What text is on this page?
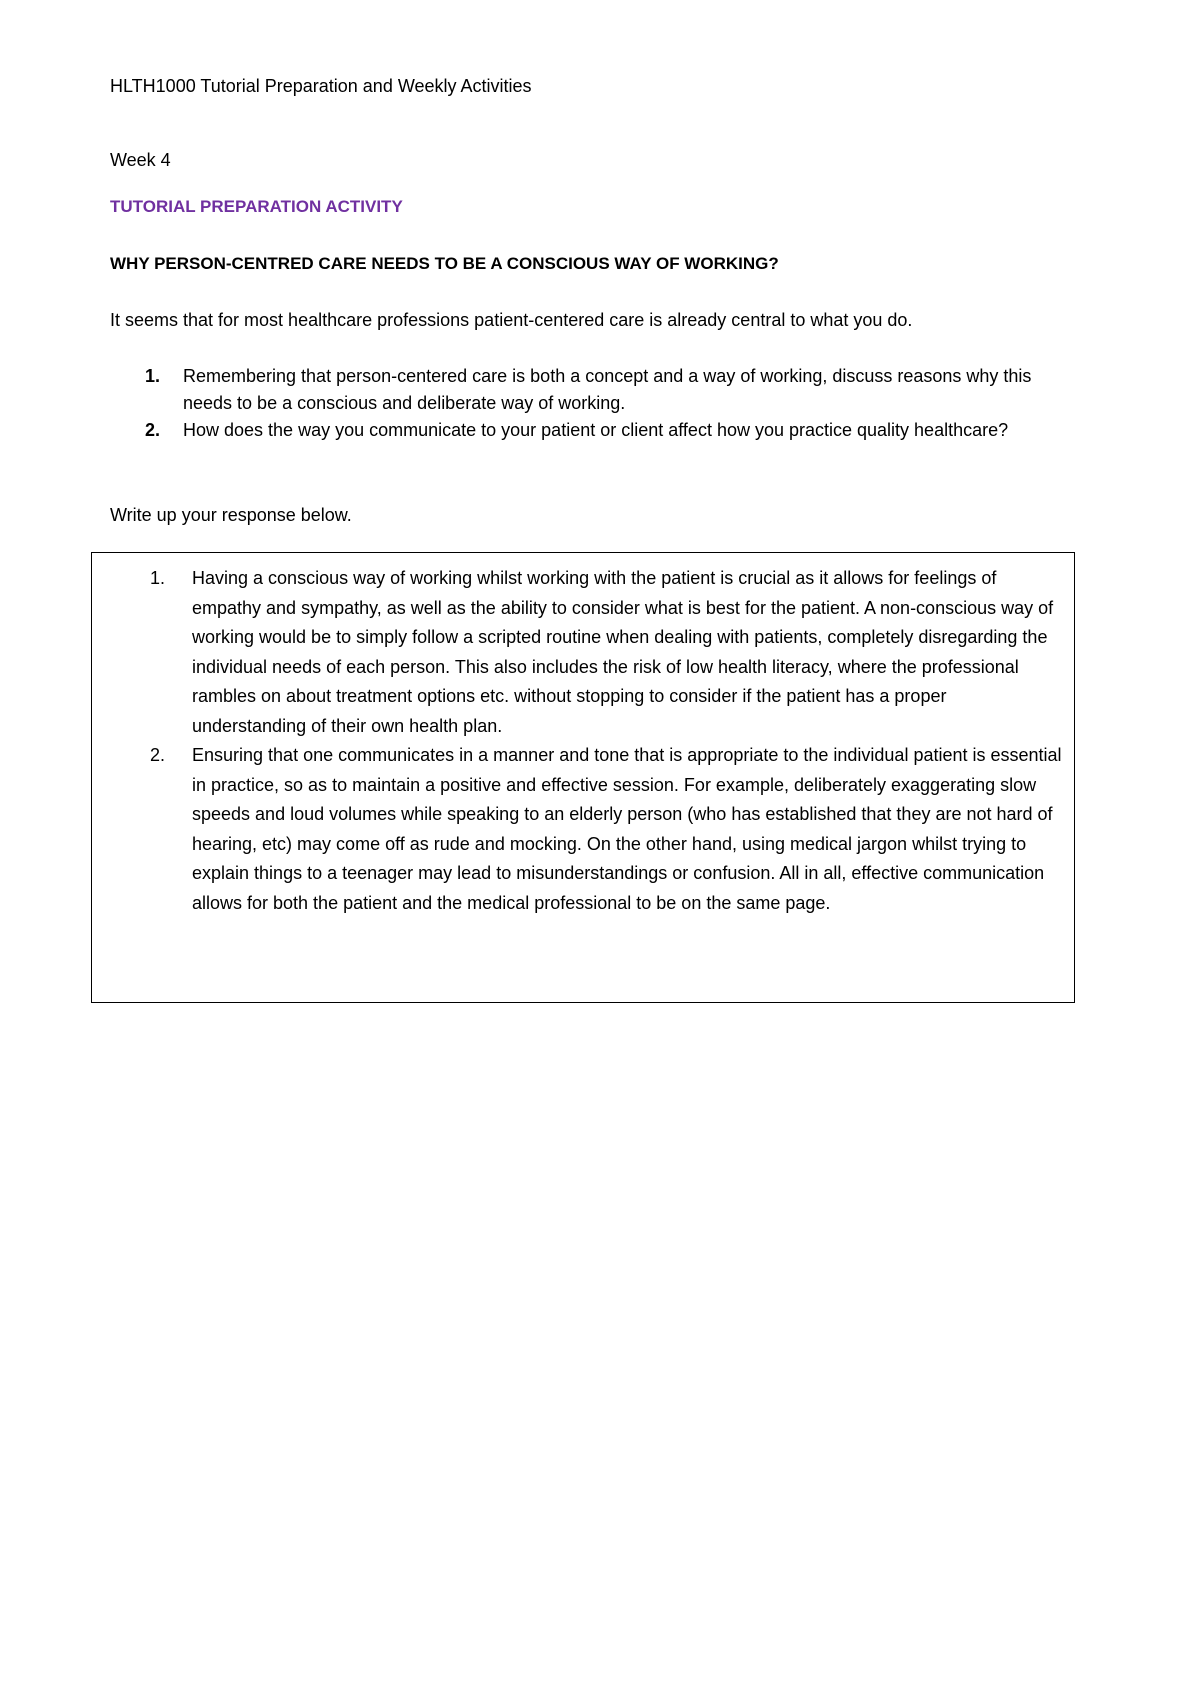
HLTH1000 Tutorial Preparation and Weekly Activities
Week 4
TUTORIAL PREPARATION ACTIVITY
WHY PERSON-CENTRED CARE NEEDS TO BE A CONSCIOUS WAY OF WORKING?
It seems that for most healthcare professions patient-centered care is already central to what you do.
1. Remembering that person-centered care is both a concept and a way of working, discuss reasons why this needs to be a conscious and deliberate way of working.
2. How does the way you communicate to your patient or client affect how you practice quality healthcare?
Write up your response below.
1. Having a conscious way of working whilst working with the patient is crucial as it allows for feelings of empathy and sympathy, as well as the ability to consider what is best for the patient. A non-conscious way of working would be to simply follow a scripted routine when dealing with patients, completely disregarding the individual needs of each person. This also includes the risk of low health literacy, where the professional rambles on about treatment options etc. without stopping to consider if the patient has a proper understanding of their own health plan.
2. Ensuring that one communicates in a manner and tone that is appropriate to the individual patient is essential in practice, so as to maintain a positive and effective session. For example, deliberately exaggerating slow speeds and loud volumes while speaking to an elderly person (who has established that they are not hard of hearing, etc) may come off as rude and mocking. On the other hand, using medical jargon whilst trying to explain things to a teenager may lead to misunderstandings or confusion. All in all, effective communication allows for both the patient and the medical professional to be on the same page.
